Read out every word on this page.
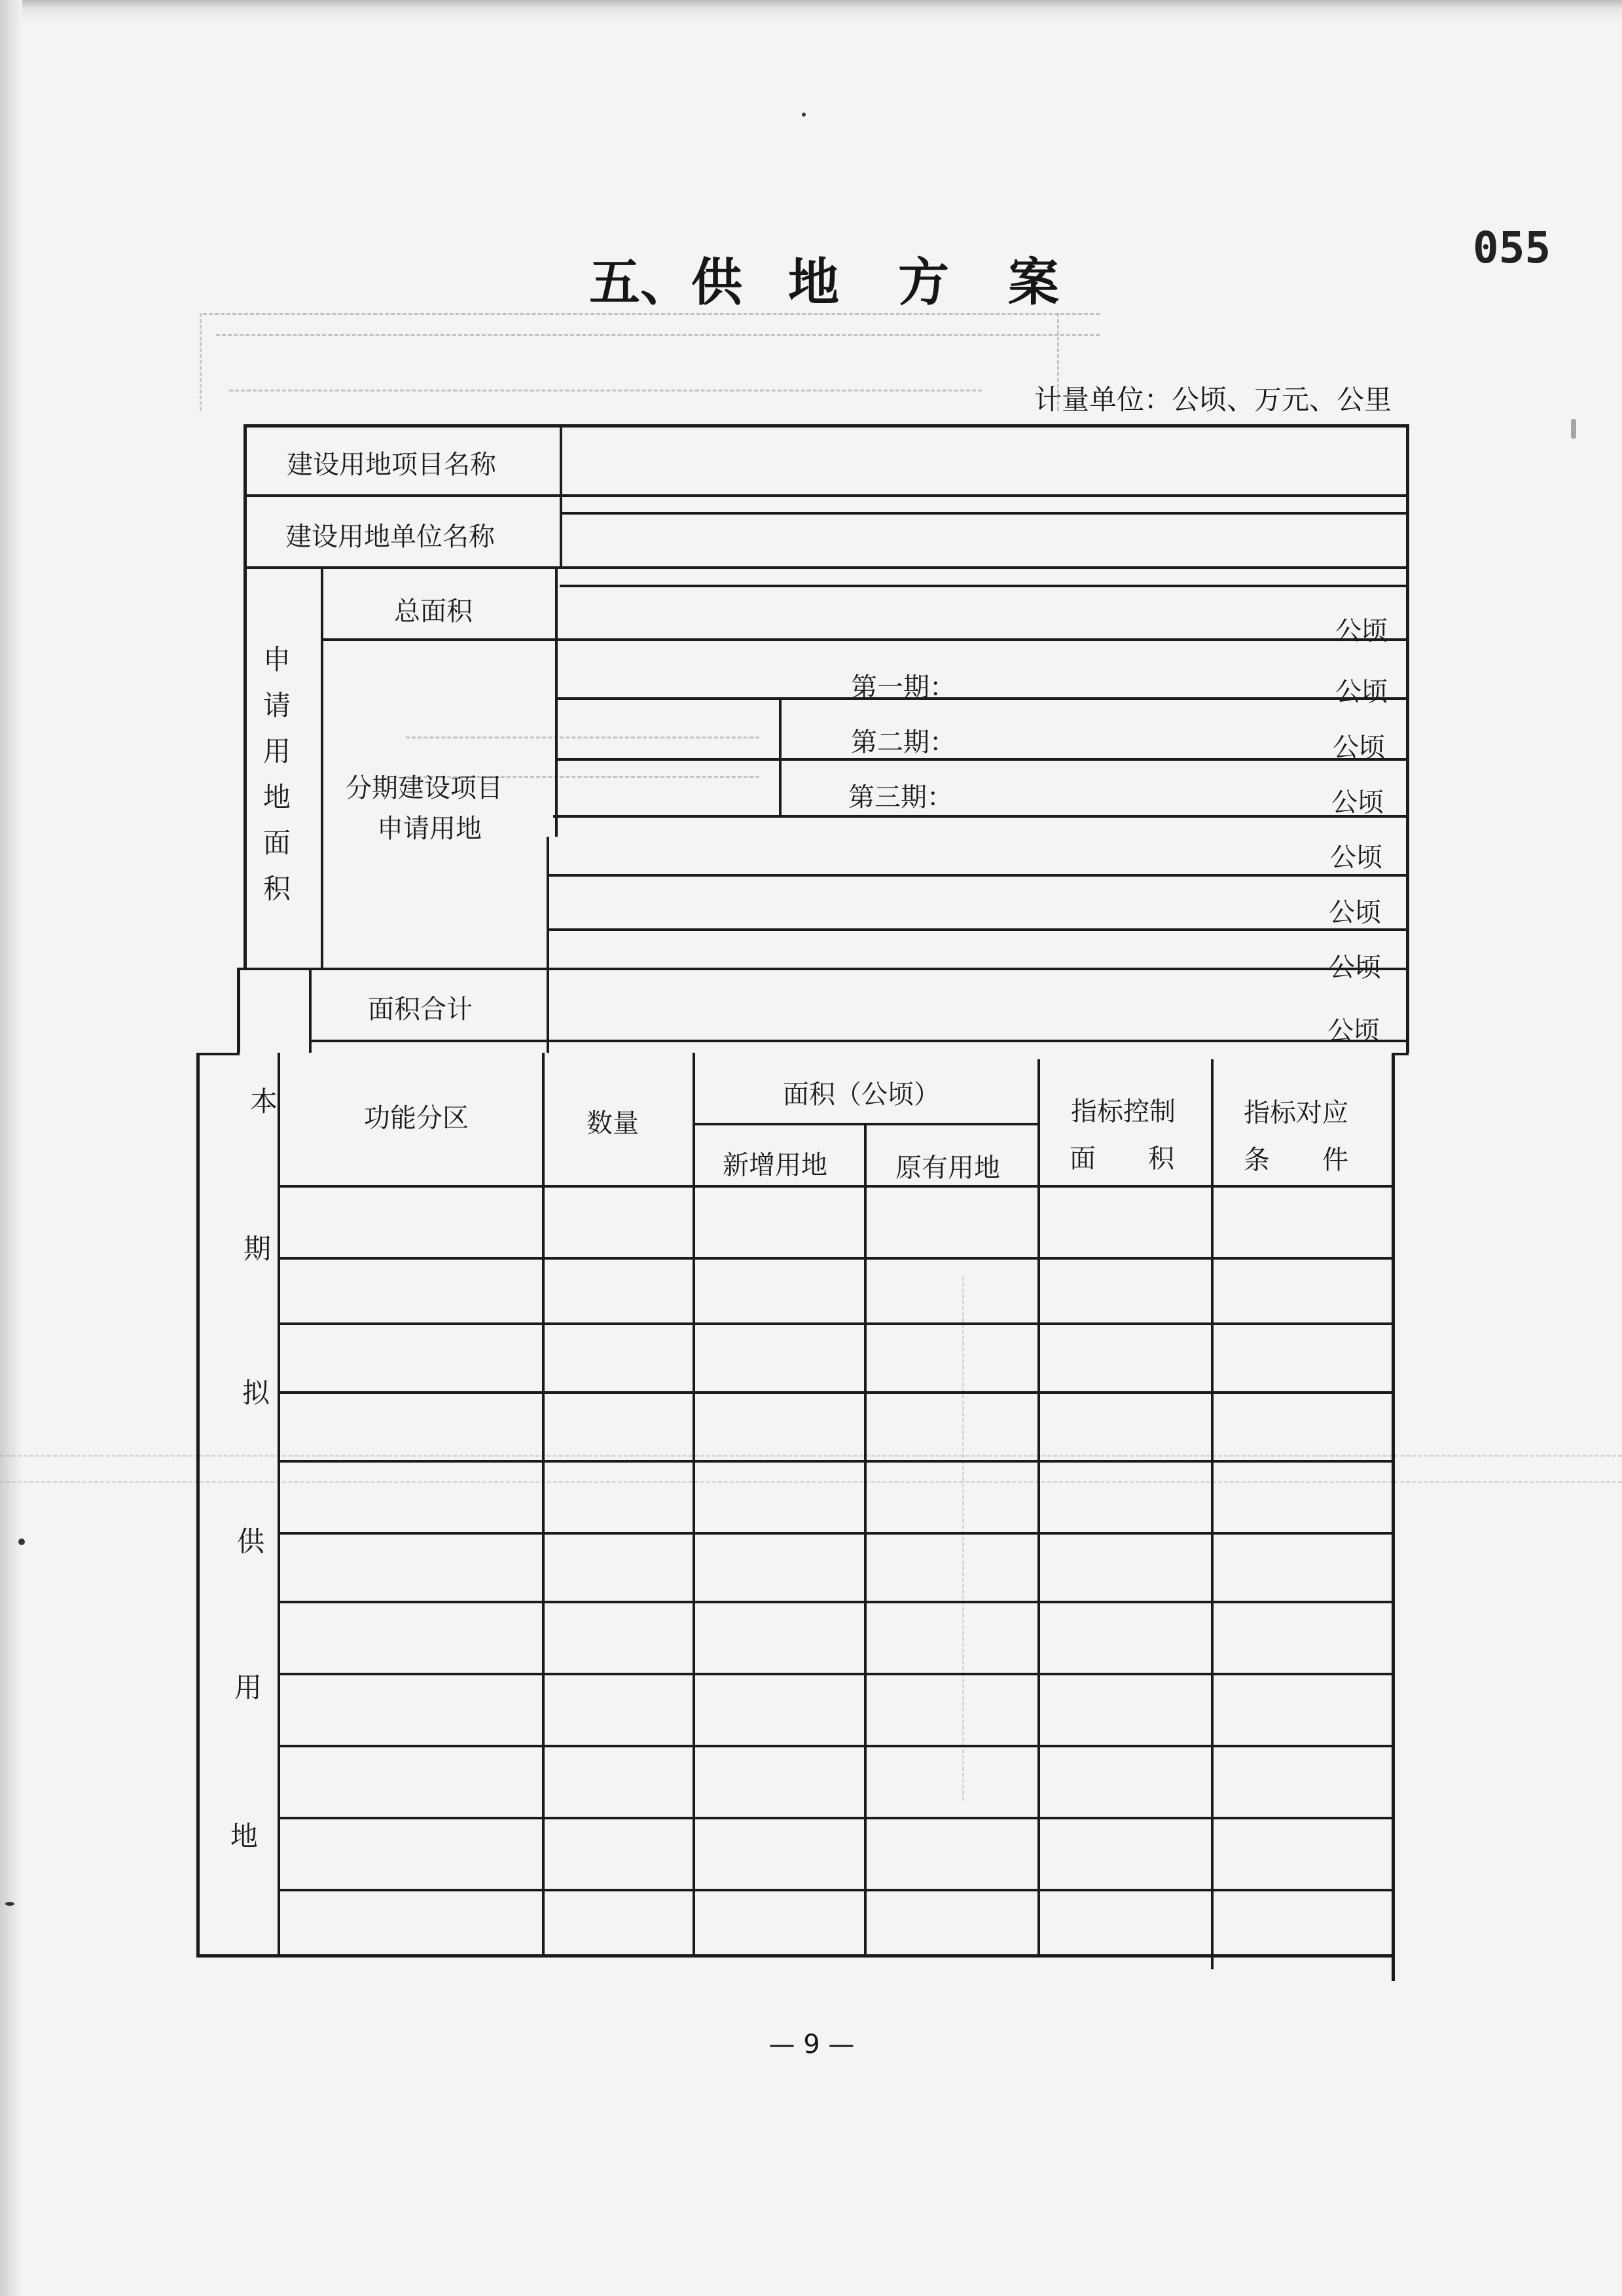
五、供 地 方 案
055
计量单位：公顷、万元、公里
建设用地项目名称
建设用地单位名称
申
请
用
地
面
积
总面积
分期建设项目
申请用地
第一期：
第二期：
第三期：
面积合计
公顷
公顷
公顷
公顷
公顷
公顷
公顷
公顷
本
期
拟
供
用
地
功能分区	数量
面积（公顷）
新增用地	原有用地
指标控制
面　　积
指标对应
条　　件
— 9 —
